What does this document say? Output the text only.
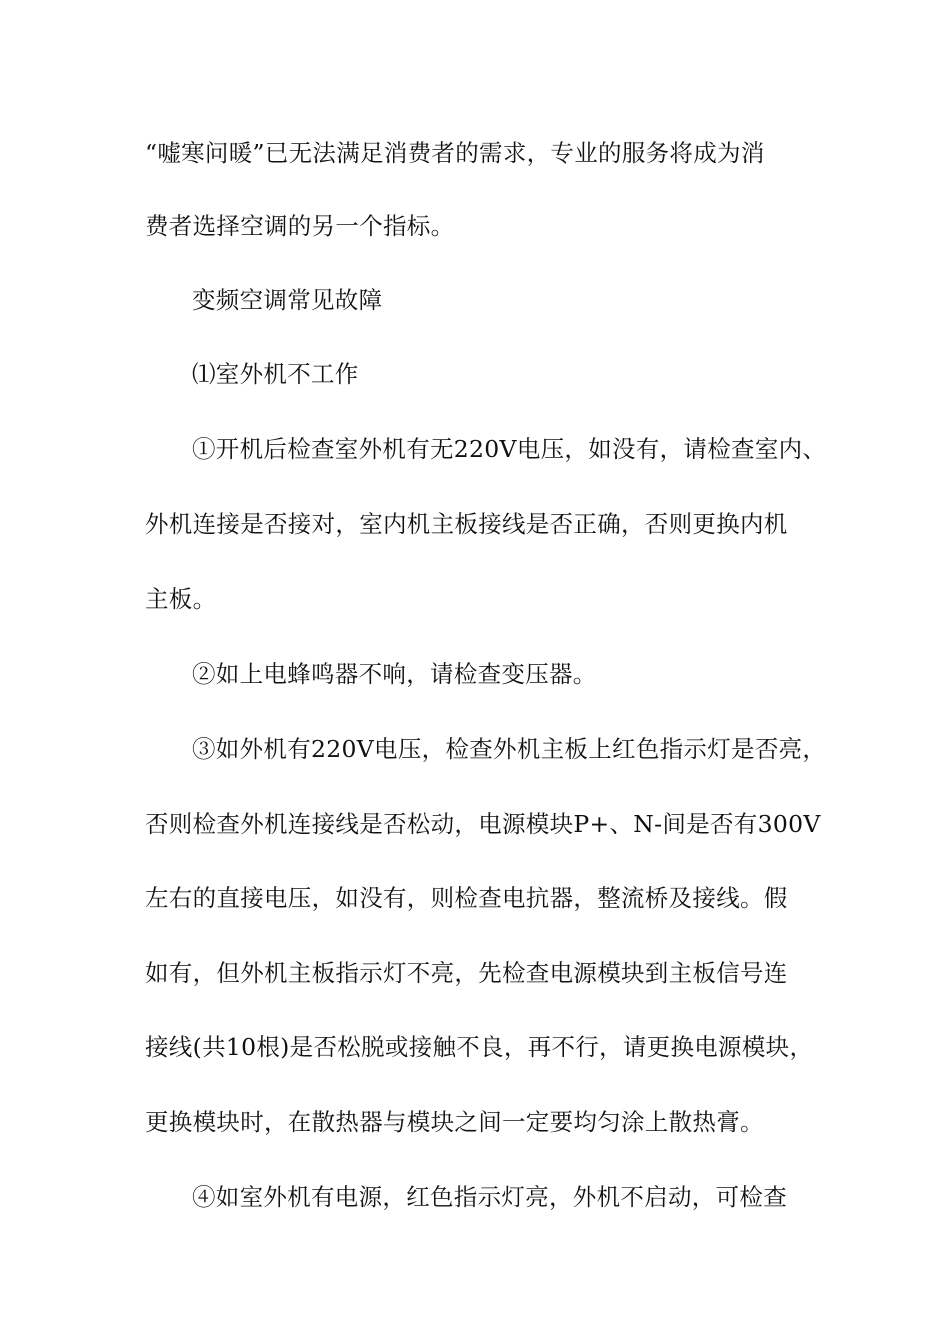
“嘘寒问暖”已无法满足消费者的需求，专业的服务将成为消

费者选择空调的另一个指标。

变频空调常见故障

⑴室外机不工作

①开机后检查室外机有无220V电压，如没有，请检查室内、

外机连接是否接对，室内机主板接线是否正确，否则更换内机

主板。

②如上电蜂鸣器不响，请检查变压器。

③如外机有220V电压，检查外机主板上红色指示灯是否亮，

否则检查外机连接线是否松动，电源模块P+、N-间是否有300V

左右的直接电压，如没有，则检查电抗器，整流桥及接线。假

如有，但外机主板指示灯不亮，先检查电源模块到主板信号连

接线(共10根)是否松脱或接触不良，再不行，请更换电源模块，

更换模块时，在散热器与模块之间一定要均匀涂上散热膏。

④如室外机有电源，红色指示灯亮，外机不启动，可检查
